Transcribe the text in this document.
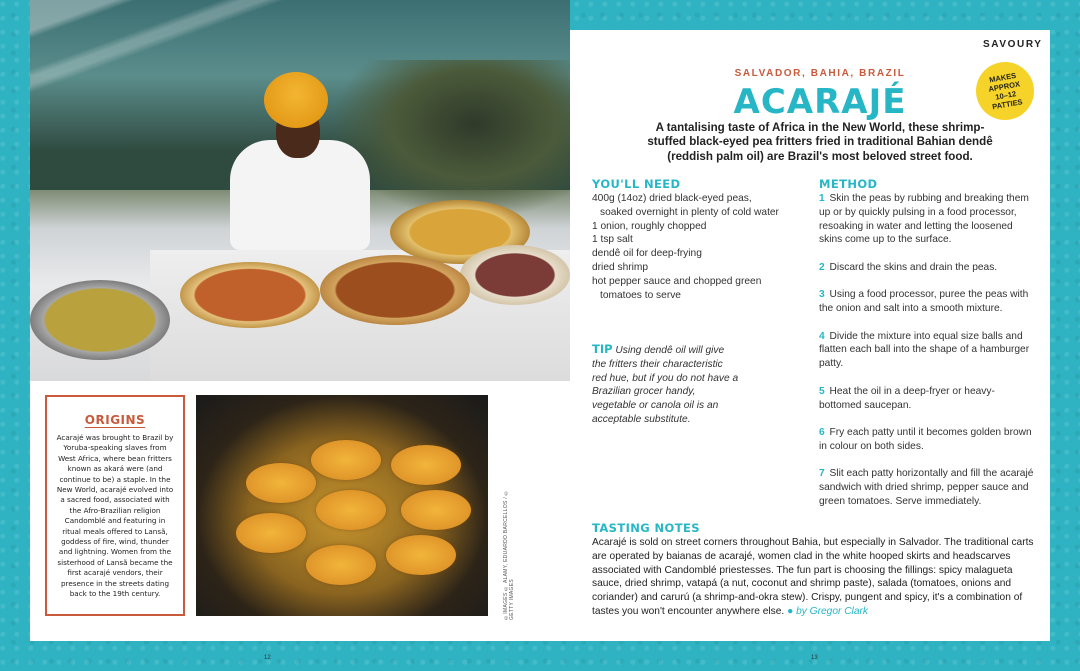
ORIGINS

Acarajé was brought to Brazil by Yoruba-speaking slaves from West Africa, where bean fritters known as akará were (and continue to be) a staple. In the New World, acarajé evolved into a sacred food, associated with the Afro-Brazilian religion Candomblé and featuring in ritual meals offered to Lansã, goddess of fire, wind, thunder and lightning. Women from the sisterhood of Lansã became the first acarajé vendors, their presence in the streets dating back to the 19th century.	©IMAGES © ALAMY, EDUARDO BARCELLOS / © GETTY IMAGES
SAVOURY
SALVADOR, BAHIA, BRAZIL
ACARAJÉ
MAKES APPROX 10–12 PATTIES
A tantalising taste of Africa in the New World, these shrimp-stuffed black-eyed pea fritters fried in traditional Bahian dendê (reddish palm oil) are Brazil's most beloved street food.
YOU'LL NEED
400g (14oz) dried black-eyed peas, soaked overnight in plenty of cold water
1 onion, roughly chopped
1 tsp salt
dendê oil for deep-frying
dried shrimp
hot pepper sauce and chopped green tomatoes to serve
TIP Using dendê oil will give the fritters their characteristic red hue, but if you do not have a Brazilian grocer handy, vegetable or canola oil is an acceptable substitute.
METHOD
1 Skin the peas by rubbing and breaking them up or by quickly pulsing in a food processor, resoaking in water and letting the loosened skins come up to the surface.
2 Discard the skins and drain the peas.
3 Using a food processor, puree the peas with the onion and salt into a smooth mixture.
4 Divide the mixture into equal size balls and flatten each ball into the shape of a hamburger patty.
5 Heat the oil in a deep-fryer or heavy-bottomed saucepan.
6 Fry each patty until it becomes golden brown in colour on both sides.
7 Slit each patty horizontally and fill the acarajé sandwich with dried shrimp, pepper sauce and green tomatoes. Serve immediately.
TASTING NOTES

Acarajé is sold on street corners throughout Bahia, but especially in Salvador. The traditional carts are operated by baianas de acarajé, women clad in the white hooped skirts and headscarves associated with Candomblé priestesses. The fun part is choosing the fillings: spicy malagueta sauce, dried shrimp, vatapá (a nut, coconut and shrimp paste), salada (tomatoes, onions and coriander) and carurú (a shrimp-and-okra stew). Crispy, pungent and spicy, it's a combination of tastes you won't encounter anywhere else. ● by Gregor Clark

12	13
